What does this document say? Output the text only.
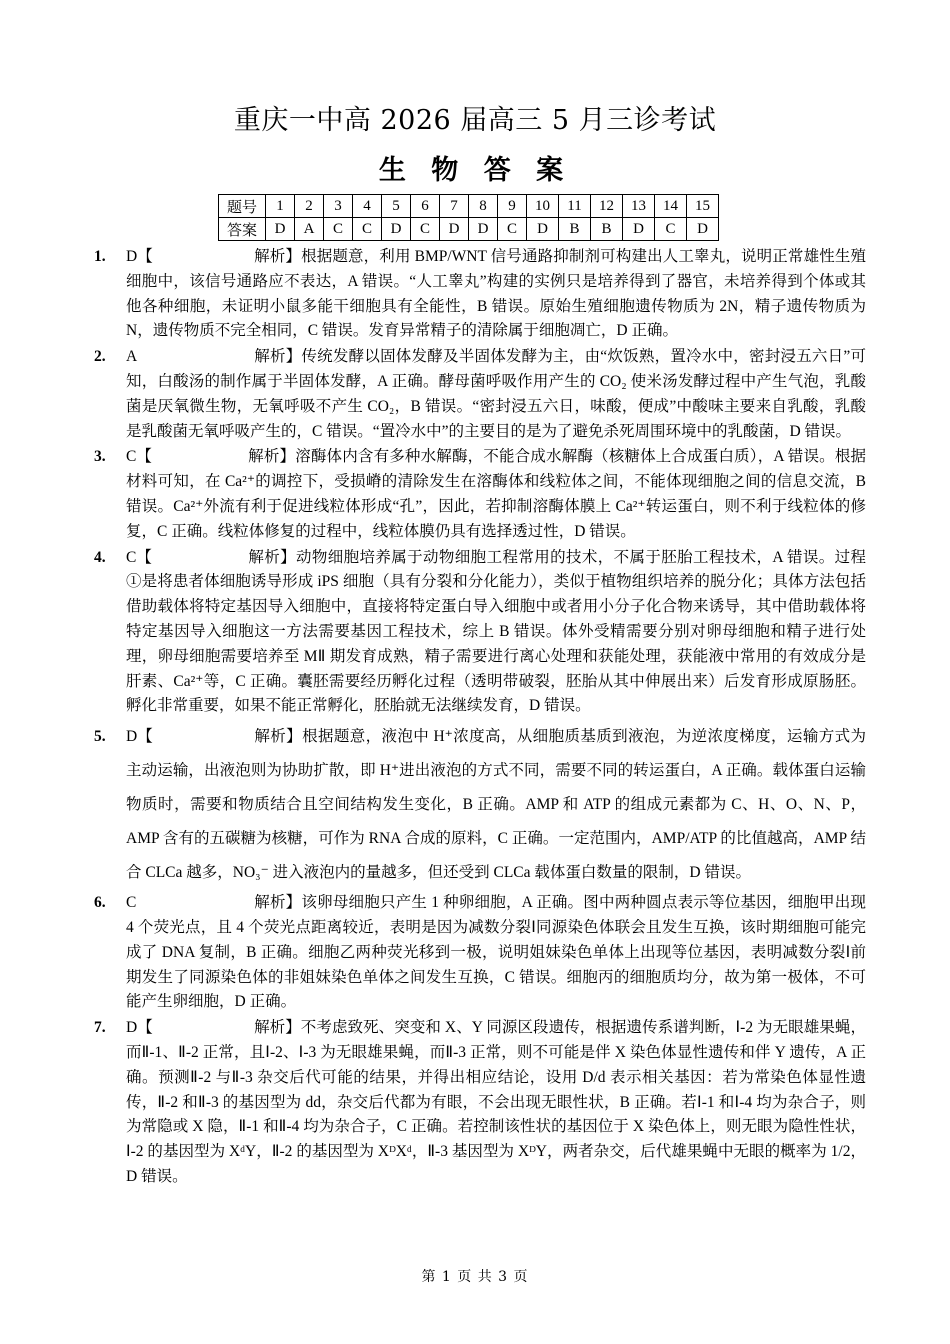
重庆一中高 2026 届高三 5 月三诊考试
生 物 答 案
题号	1	2	3	4	5	6	7	8	9	10	11	12	13	14	15
答案	D	A	C	C	D	C	D	D	C	D	B	B	D	C	D
1. D【	解析】根据题意，利用 BMP/WNT 信号通路抑制剂可构建出人工睾丸，说明正常雄性生殖细胞中，该信号通路应不表达，A 错误。“人工睾丸”构建的实例只是培养得到了器官，未培养得到个体或其他各种细胞，未证明小鼠多能干细胞具有全能性，B 错误。原始生殖细胞遗传物质为 2N，精子遗传物质为 N，遗传物质不完全相同，C 错误。发育异常精子的清除属于细胞凋亡，D 正确。
2. A	解析】传统发酵以固体发酵及半固体发酵为主，由“炊饭熟，置冷水中，密封浸五六日”可知，白酸汤的制作属于半固体发酵，A 正确。酵母菌呼吸作用产生的 CO₂ 使米汤发酵过程中产生气泡，乳酸菌是厌氧微生物，无氧呼吸不产生 CO₂，B 错误。“密封浸五六日，味酸，便成”中酸味主要来自乳酸，乳酸是乳酸菌无氧呼吸产生的，C 错误。“置冷水中”的主要目的是为了避免杀死周围环境中的乳酸菌，D 错误。
3. C【	解析】溶酶体内含有多种水解酶，不能合成水解酶（核糖体上合成蛋白质），A 错误。根据材料可知，在 Ca²⁺的调控下，受损嵴的清除发生在溶酶体和线粒体之间，不能体现细胞之间的信息交流，B 错误。Ca²⁺外流有利于促进线粒体形成“孔”，因此，若抑制溶酶体膜上 Ca²⁺转运蛋白，则不利于线粒体的修复，C 正确。线粒体修复的过程中，线粒体膜仍具有选择透过性，D 错误。
4. C【	解析】动物细胞培养属于动物细胞工程常用的技术，不属于胚胎工程技术，A 错误。过程①是将患者体细胞诱导形成 iPS 细胞（具有分裂和分化能力），类似于植物组织培养的脱分化；具体方法包括借助载体将特定基因导入细胞中，直接将特定蛋白导入细胞中或者用小分子化合物来诱导，其中借助载体将特定基因导入细胞这一方法需要基因工程技术，综上 B 错误。体外受精需要分别对卵母细胞和精子进行处理，卵母细胞需要培养至 MⅡ 期发育成熟，精子需要进行离心处理和获能处理，获能液中常用的有效成分是肝素、Ca²⁺等，C 正确。囊胚需要经历孵化过程（透明带破裂，胚胎从其中伸展出来）后发育形成原肠胚。孵化非常重要，如果不能正常孵化，胚胎就无法继续发育，D 错误。
5. D【	解析】根据题意，液泡中 H⁺浓度高，从细胞质基质到液泡，为逆浓度梯度，运输方式为主动运输，出液泡则为协助扩散，即 H⁺进出液泡的方式不同，需要不同的转运蛋白，A 正确。载体蛋白运输物质时，需要和物质结合且空间结构发生变化，B 正确。AMP 和 ATP 的组成元素都为 C、H、O、N、P，AMP 含有的五碳糖为核糖，可作为 RNA 合成的原料，C 正确。一定范围内，AMP/ATP 的比值越高，AMP 结合 CLCa 越多，NO₃⁻ 进入液泡内的量越多，但还受到 CLCa 载体蛋白数量的限制，D 错误。
6. C	解析】该卵母细胞只产生 1 种卵细胞，A 正确。图中两种圆点表示等位基因，细胞甲出现 4 个荧光点，且 4 个荧光点距离较近，表明是因为减数分裂Ⅰ同源染色体联会且发生互换，该时期细胞可能完成了 DNA 复制，B 正确。细胞乙两种荧光移到一极，说明姐妹染色单体上出现等位基因，表明减数分裂Ⅰ前期发生了同源染色体的非姐妹染色单体之间发生互换，C 错误。细胞丙的细胞质均分，故为第一极体，不可能产生卵细胞，D 正确。
7. D【	解析】不考虑致死、突变和 X、Y 同源区段遗传，根据遗传系谱判断，Ⅰ-2 为无眼雄果蝇，而Ⅱ-1、Ⅱ-2 正常，且Ⅰ-2、Ⅰ-3 为无眼雄果蝇，而Ⅱ-3 正常，则不可能是伴 X 染色体显性遗传和伴 Y 遗传，A 正确。预测Ⅱ-2 与Ⅱ-3 杂交后代可能的结果，并得出相应结论，设用 D/d 表示相关基因：若为常染色体显性遗传，Ⅱ-2 和Ⅱ-3 的基因型为 dd，杂交后代都为有眼，不会出现无眼性状，B 正确。若Ⅰ-1 和Ⅰ-4 均为杂合子，则为常隐或 X 隐，Ⅱ-1 和Ⅱ-4 均为杂合子，C 正确。若控制该性状的基因位于 X 染色体上，则无眼为隐性性状，Ⅰ-2 的基因型为 XᵈY，Ⅱ-2 的基因型为 XᴰXᵈ，Ⅱ-3 基因型为 XᴰY，两者杂交，后代雄果蝇中无眼的概率为 1/2，D 错误。
第 1 页 共 3 页
